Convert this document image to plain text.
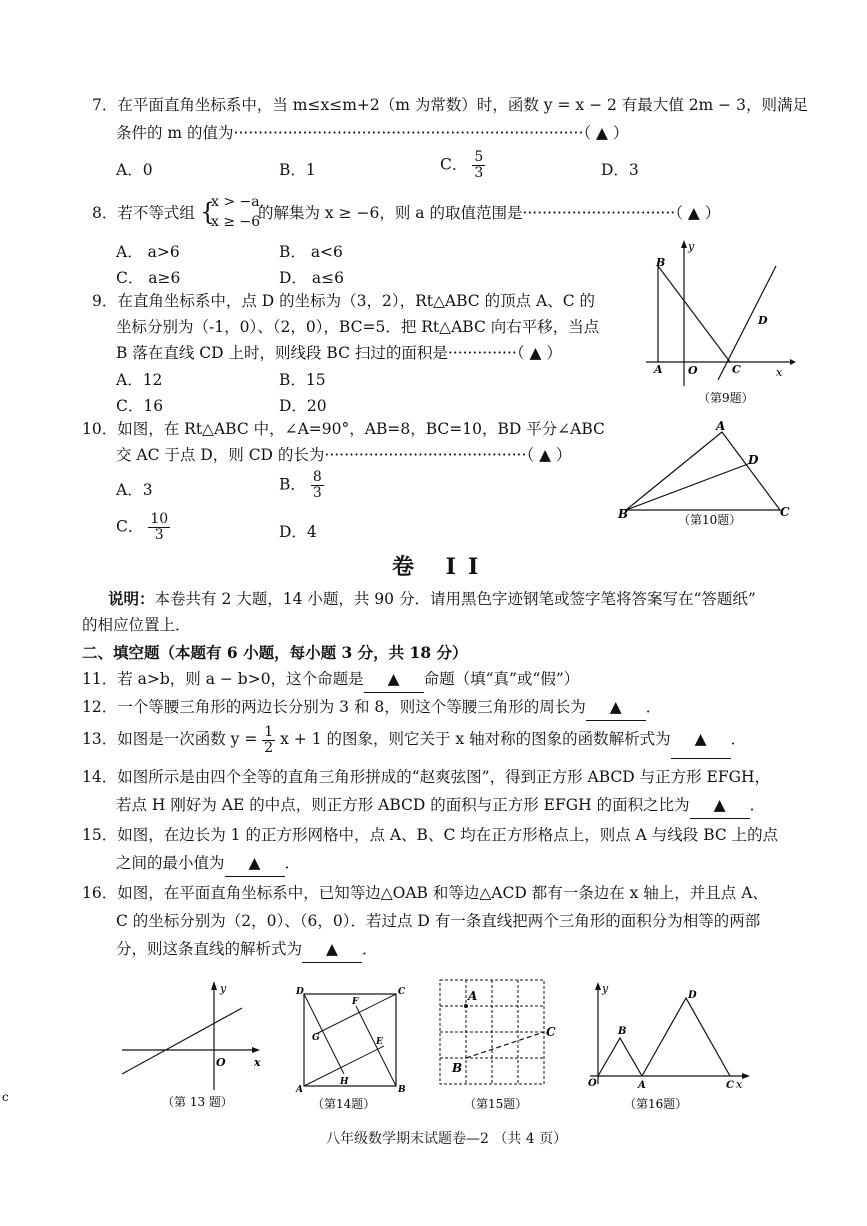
7．在平面直角坐标系中，当 m≤x≤m+2（m 为常数）时，函数 y = x − 2 有最大值 2m − 3，则满足
条件的 m 的值为·······································································（ ▲ ）
A．0	B．1	C． $\frac{5}{3}$	D．3
8．若不等式组 {
x > −a,
x ≥ −6
的解集为 x ≥ −6，则 a 的取值范围是·······························（ ▲ ）
A． a>6	B． a<6
C． a≥6	D． a≤6
9．在直角坐标系中，点 D 的坐标为（3，2），Rt△ABC 的顶点 A、C 的
坐标分别为（-1，0）、（2，0），BC=5．把 Rt△ABC 向右平移，当点
B 落在直线 CD 上时，则线段 BC 扫过的面积是··············（ ▲ ）
A．12	B．15
C．16	D．20
y
x
B
A O	C
D
（第9题）
10．如图，在 Rt△ABC 中，∠A=90°，AB=8，BC=10，BD 平分∠ABC
交 AC 于点 D，则 CD 的长为·········································（ ▲ ）
A．3	B． $\frac{8}{3}$
C． $\frac{10}{3}$	D．4
A
B	C
D
（第10题）
卷 II
说明：本卷共有 2 大题，14 小题，共 90 分．请用黑色字迹钢笔或签字笔将答案写在“答题纸”
的相应位置上．
二、填空题（本题有 6 小题，每小题 3 分，共 18 分）
11．若 a>b，则 a − b>0，这个命题是 ▲ 命题（填“真”或“假”）
12．一个等腰三角形的两边长分别为 3 和 8，则这个等腰三角形的周长为 ▲ ．
13．如图是一次函数 $y = \frac{1}{2}$ x + 1 的图象，则它关于 x 轴对称的图象的函数解析式为 ▲ ．
14．如图所示是由四个全等的直角三角形拼成的“赵爽弦图”，得到正方形 ABCD 与正方形 EFGH，
若点 H 刚好为 AE 的中点，则正方形 ABCD 的面积与正方形 EFGH 的面积之比为 ▲ ．
15．如图，在边长为 1 的正方形网格中，点 A、B、C 均在正方形格点上，则点 A 与线段 BC 上的点
之间的最小值为 ▲ ．
16．如图，在平面直角坐标系中，已知等边△OAB 和等边△ACD 都有一条边在 x 轴上，并且点 A、
C 的坐标分别为（2，0）、（6，0）．若过点 D 有一条直线把两个三角形的面积分为相等的两部
分，则这条直线的解析式为 ▲ ．
y
x
O
（第 13 题）
A	B
C
D
E
F
G
H
（第14题）
A
B
C
（第15题）
y
x
O	A
B
C
D
（第16题）
c
八年级数学期末试题卷—2 （共 4 页）
